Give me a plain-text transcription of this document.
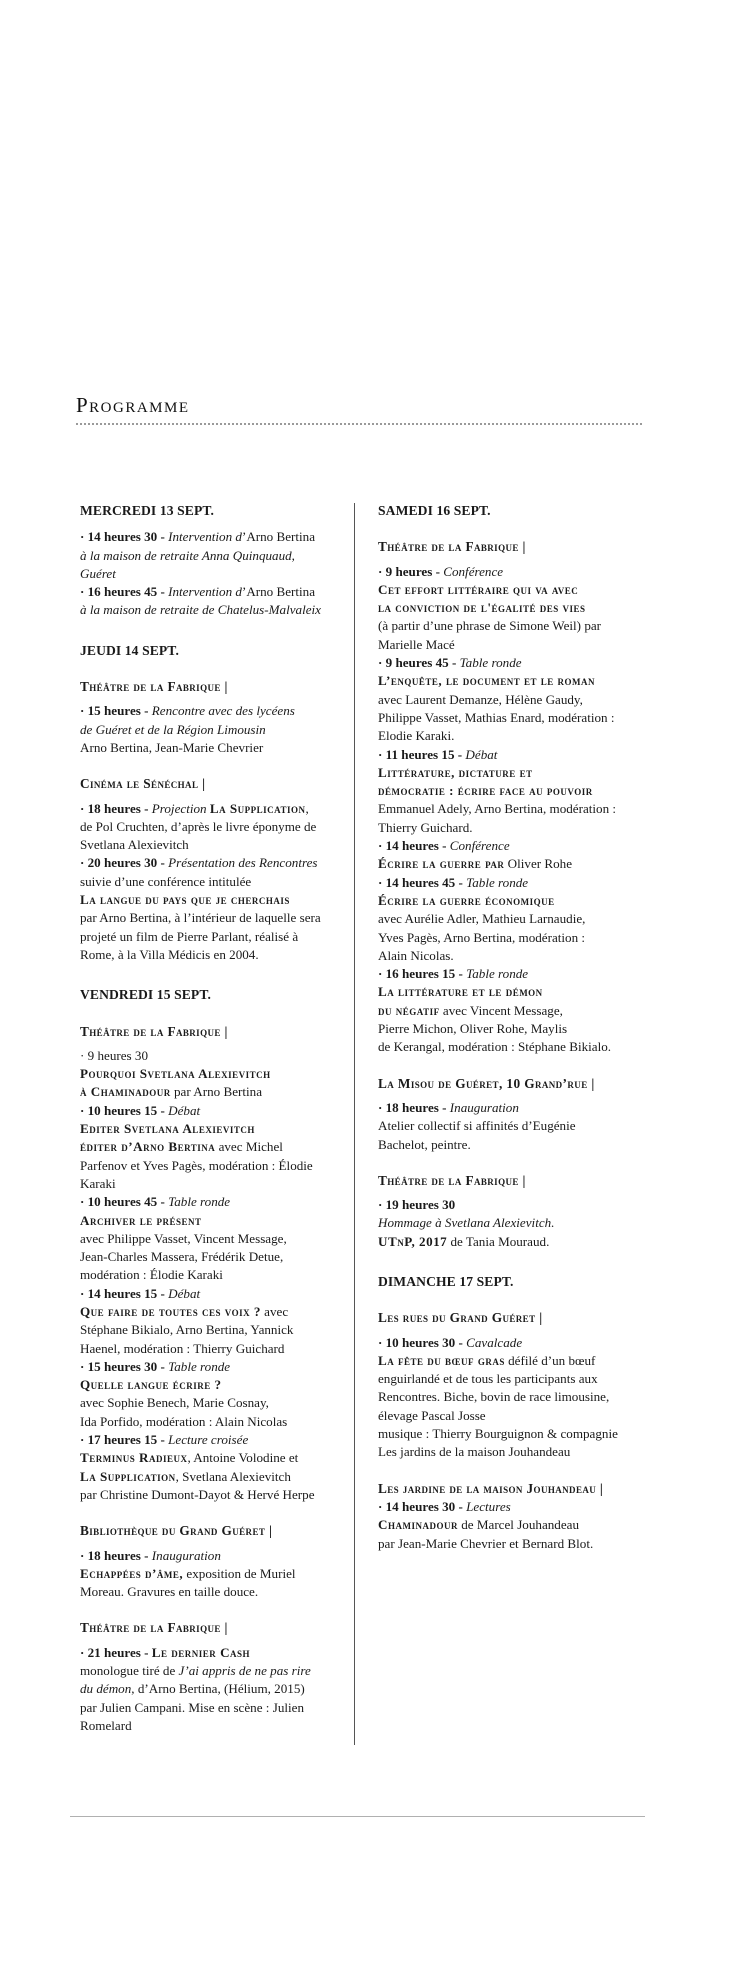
Programme
MERCREDI 13 SEPT.
· 14 heures 30 - Intervention d’Arno Bertina
à la maison de retraite Anna Quinquaud,
Guéret
· 16 heures 45 - Intervention d’Arno Bertina
à la maison de retraite de Chatelus-Malvaleix
JEUDI 14 SEPT.
Théâtre de la Fabrique |
· 15 heures - Rencontre avec des lycéens
de Guéret et de la Région Limousin
Arno Bertina, Jean-Marie Chevrier
Cinéma le Sénéchal |
· 18 heures - Projection La Supplication,
de Pol Cruchten, d’après le livre éponyme de
Svetlana Alexievitch
· 20 heures 30 - Présentation des Rencontres
suivie d’une conférence intitulée
La langue du pays que je cherchais
par Arno Bertina, à l’intérieur de laquelle sera
projeté un film de Pierre Parlant, réalisé à
Rome, à la Villa Médicis en 2004.
VENDREDI 15 SEPT.
Théâtre de la Fabrique |
· 9 heures 30
Pourquoi Svetlana Alexievitch
à Chaminadour par Arno Bertina
· 10 heures 15 - Débat
Editer Svetlana Alexievitch
éditer d’Arno Bertina avec Michel
Parfenov et Yves Pagès, modération : Élodie
Karaki
· 10 heures 45 - Table ronde
Archiver le présent
avec Philippe Vasset, Vincent Message,
Jean-Charles Massera, Frédérik Detue,
modération : Élodie Karaki
· 14 heures 15 - Débat
Que faire de toutes ces voix ? avec
Stéphane Bikialo, Arno Bertina, Yannick
Haenel, modération : Thierry Guichard
· 15 heures 30 - Table ronde
Quelle langue écrire ?
avec Sophie Benech, Marie Cosnay,
Ida Porfido, modération : Alain Nicolas
· 17 heures 15 - Lecture croisée
Terminus Radieux, Antoine Volodine et
La Supplication, Svetlana Alexievitch
par Christine Dumont-Dayot & Hervé Herpe
Bibliothèque du Grand Guéret |
· 18 heures - Inauguration
Echappées d’âme, exposition de Muriel
Moreau. Gravures en taille douce.
Théâtre de la Fabrique |
· 21 heures - Le dernier Cash
monologue tiré de J’ai appris de ne pas rire
du démon, d’Arno Bertina, (Hélium, 2015)
par Julien Campani. Mise en scène : Julien
Romelard
SAMEDI 16 SEPT.
Théâtre de la Fabrique |
· 9 heures - Conférence
Cet effort littéraire qui va avec
la conviction de l'égalité des vies
(à partir d’une phrase de Simone Weil) par
Marielle Macé
· 9 heures 45 - Table ronde
L’enquête, le document et le roman
avec Laurent Demanze, Hélène Gaudy,
Philippe Vasset, Mathias Enard, modération :
Elodie Karaki.
· 11 heures 15 - Débat
Littérature, dictature et
démocratie : écrire face au pouvoir
Emmanuel Adely, Arno Bertina, modération :
Thierry Guichard.
· 14 heures - Conférence
Écrire la guerre par Oliver Rohe
· 14 heures 45 - Table ronde
Écrire la guerre économique
avec Aurélie Adler, Mathieu Larnaudie,
Yves Pagès, Arno Bertina, modération :
Alain Nicolas.
· 16 heures 15 - Table ronde
La littérature et le démon
du négatif avec Vincent Message,
Pierre Michon, Oliver Rohe, Maylis
de Kerangal, modération : Stéphane Bikialo.
La Misou de Guéret, 10 Grand’rue |
· 18 heures - Inauguration
Atelier collectif si affinités d’Eugénie
Bachelot, peintre.
Théâtre de la Fabrique |
· 19 heures 30
Hommage à Svetlana Alexievitch.
UTnP, 2017 de Tania Mouraud.
DIMANCHE 17 SEPT.
Les rues du Grand Guéret |
· 10 heures 30 - Cavalcade
La fête du bœuf gras défilé d’un bœuf
enguirlandé et de tous les participants aux
Rencontres. Biche, bovin de race limousine,
élevage Pascal Josse
musique : Thierry Bourguignon & compagnie
Les jardins de la maison Jouhandeau
Les jardine de la maison Jouhandeau |
· 14 heures 30 - Lectures
Chaminadour de Marcel Jouhandeau
par Jean-Marie Chevrier et Bernard Blot.
